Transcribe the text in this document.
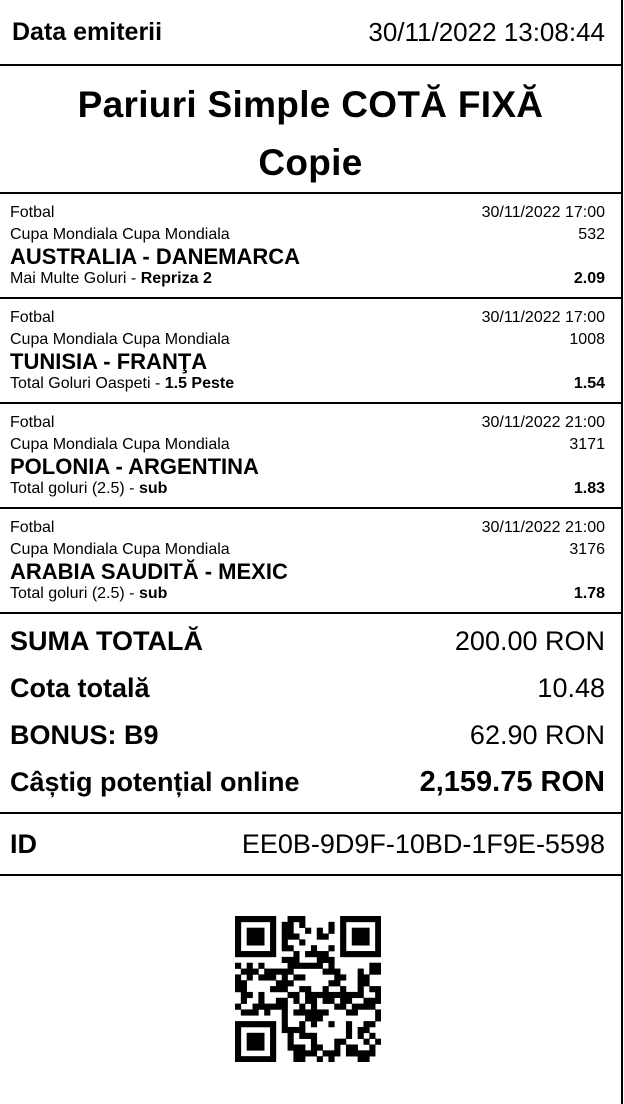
Data emiterii	30/11/2022 13:08:44
Pariuri Simple COTĂ FIXĂ
Copie
Fotbal	30/11/2022 17:00
Cupa Mondiala Cupa Mondiala	532
AUSTRALIA - DANEMARCA
Mai Multe Goluri - Repriza 2	2.09
Fotbal	30/11/2022 17:00
Cupa Mondiala Cupa Mondiala	1008
TUNISIA - FRANŢA
Total Goluri Oaspeti - 1.5 Peste	1.54
Fotbal	30/11/2022 21:00
Cupa Mondiala Cupa Mondiala	3171
POLONIA - ARGENTINA
Total goluri (2.5) - sub	1.83
Fotbal	30/11/2022 21:00
Cupa Mondiala Cupa Mondiala	3176
ARABIA SAUDITĂ - MEXIC
Total goluri (2.5) - sub	1.78
SUMA TOTALĂ	200.00 RON
Cota totală	10.48
BONUS: B9	62.90 RON
Câștig potențial online	2,159.75 RON
ID	EE0B-9D9F-10BD-1F9E-5598
